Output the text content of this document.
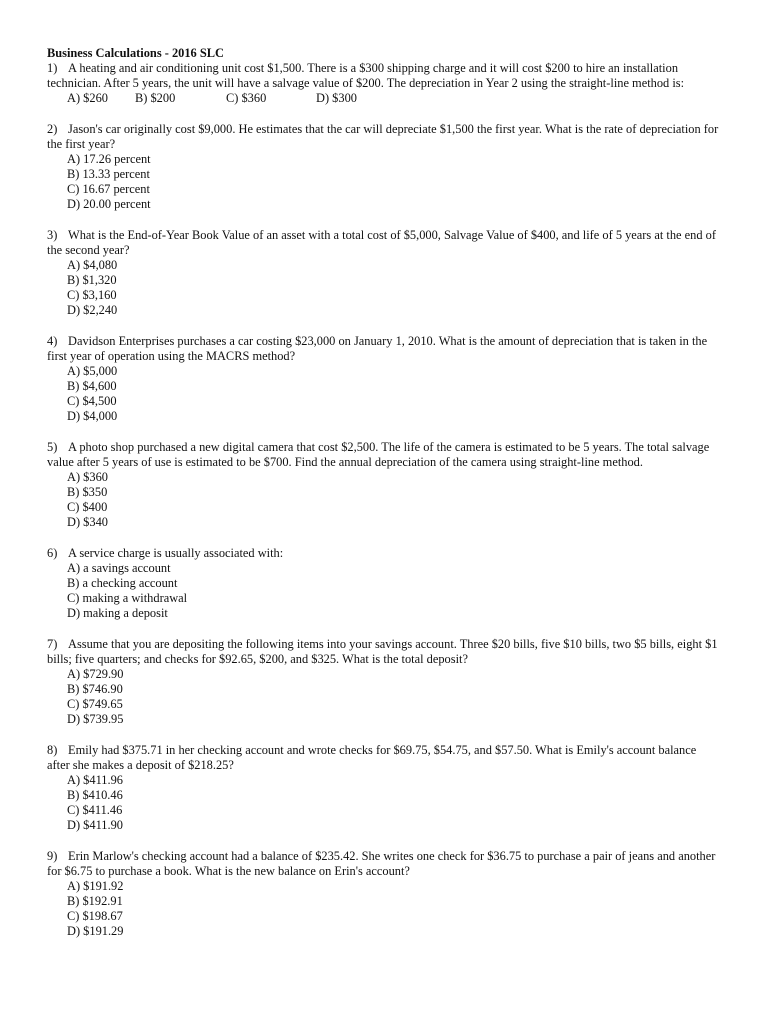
Business Calculations - 2016 SLC
1) A heating and air conditioning unit cost $1,500. There is a $300 shipping charge and it will cost $200 to hire an installation technician. After 5 years, the unit will have a salvage value of $200. The depreciation in Year 2 using the straight-line method is:
A) $260 B) $200	C) $360	D) $300
2) Jason's car originally cost $9,000. He estimates that the car will depreciate $1,500 the first year. What is the rate of depreciation for the first year?
A) 17.26 percent
B) 13.33 percent
C) 16.67 percent
D) 20.00 percent
3) What is the End-of-Year Book Value of an asset with a total cost of $5,000, Salvage Value of $400, and life of 5 years at the end of the second year?
A) $4,080
B) $1,320
C) $3,160
D) $2,240
4) Davidson Enterprises purchases a car costing $23,000 on January 1, 2010. What is the amount of depreciation that is taken in the first year of operation using the MACRS method?
A) $5,000
B) $4,600
C) $4,500
D) $4,000
5) A photo shop purchased a new digital camera that cost $2,500. The life of the camera is estimated to be 5 years. The total salvage value after 5 years of use is estimated to be $700. Find the annual depreciation of the camera using straight-line method.
A) $360
B) $350
C) $400
D) $340
6) A service charge is usually associated with:
A) a savings account
B) a checking account
C) making a withdrawal
D) making a deposit
7) Assume that you are depositing the following items into your savings account. Three $20 bills, five $10 bills, two $5 bills, eight $1 bills; five quarters; and checks for $92.65, $200, and $325. What is the total deposit?
A) $729.90
B) $746.90
C) $749.65
D) $739.95
8) Emily had $375.71 in her checking account and wrote checks for $69.75, $54.75, and $57.50. What is Emily's account balance after she makes a deposit of $218.25?
A) $411.96
B) $410.46
C) $411.46
D) $411.90
9) Erin Marlow's checking account had a balance of $235.42. She writes one check for $36.75 to purchase a pair of jeans and another for $6.75 to purchase a book. What is the new balance on Erin's account?
A) $191.92
B) $192.91
C) $198.67
D) $191.29
